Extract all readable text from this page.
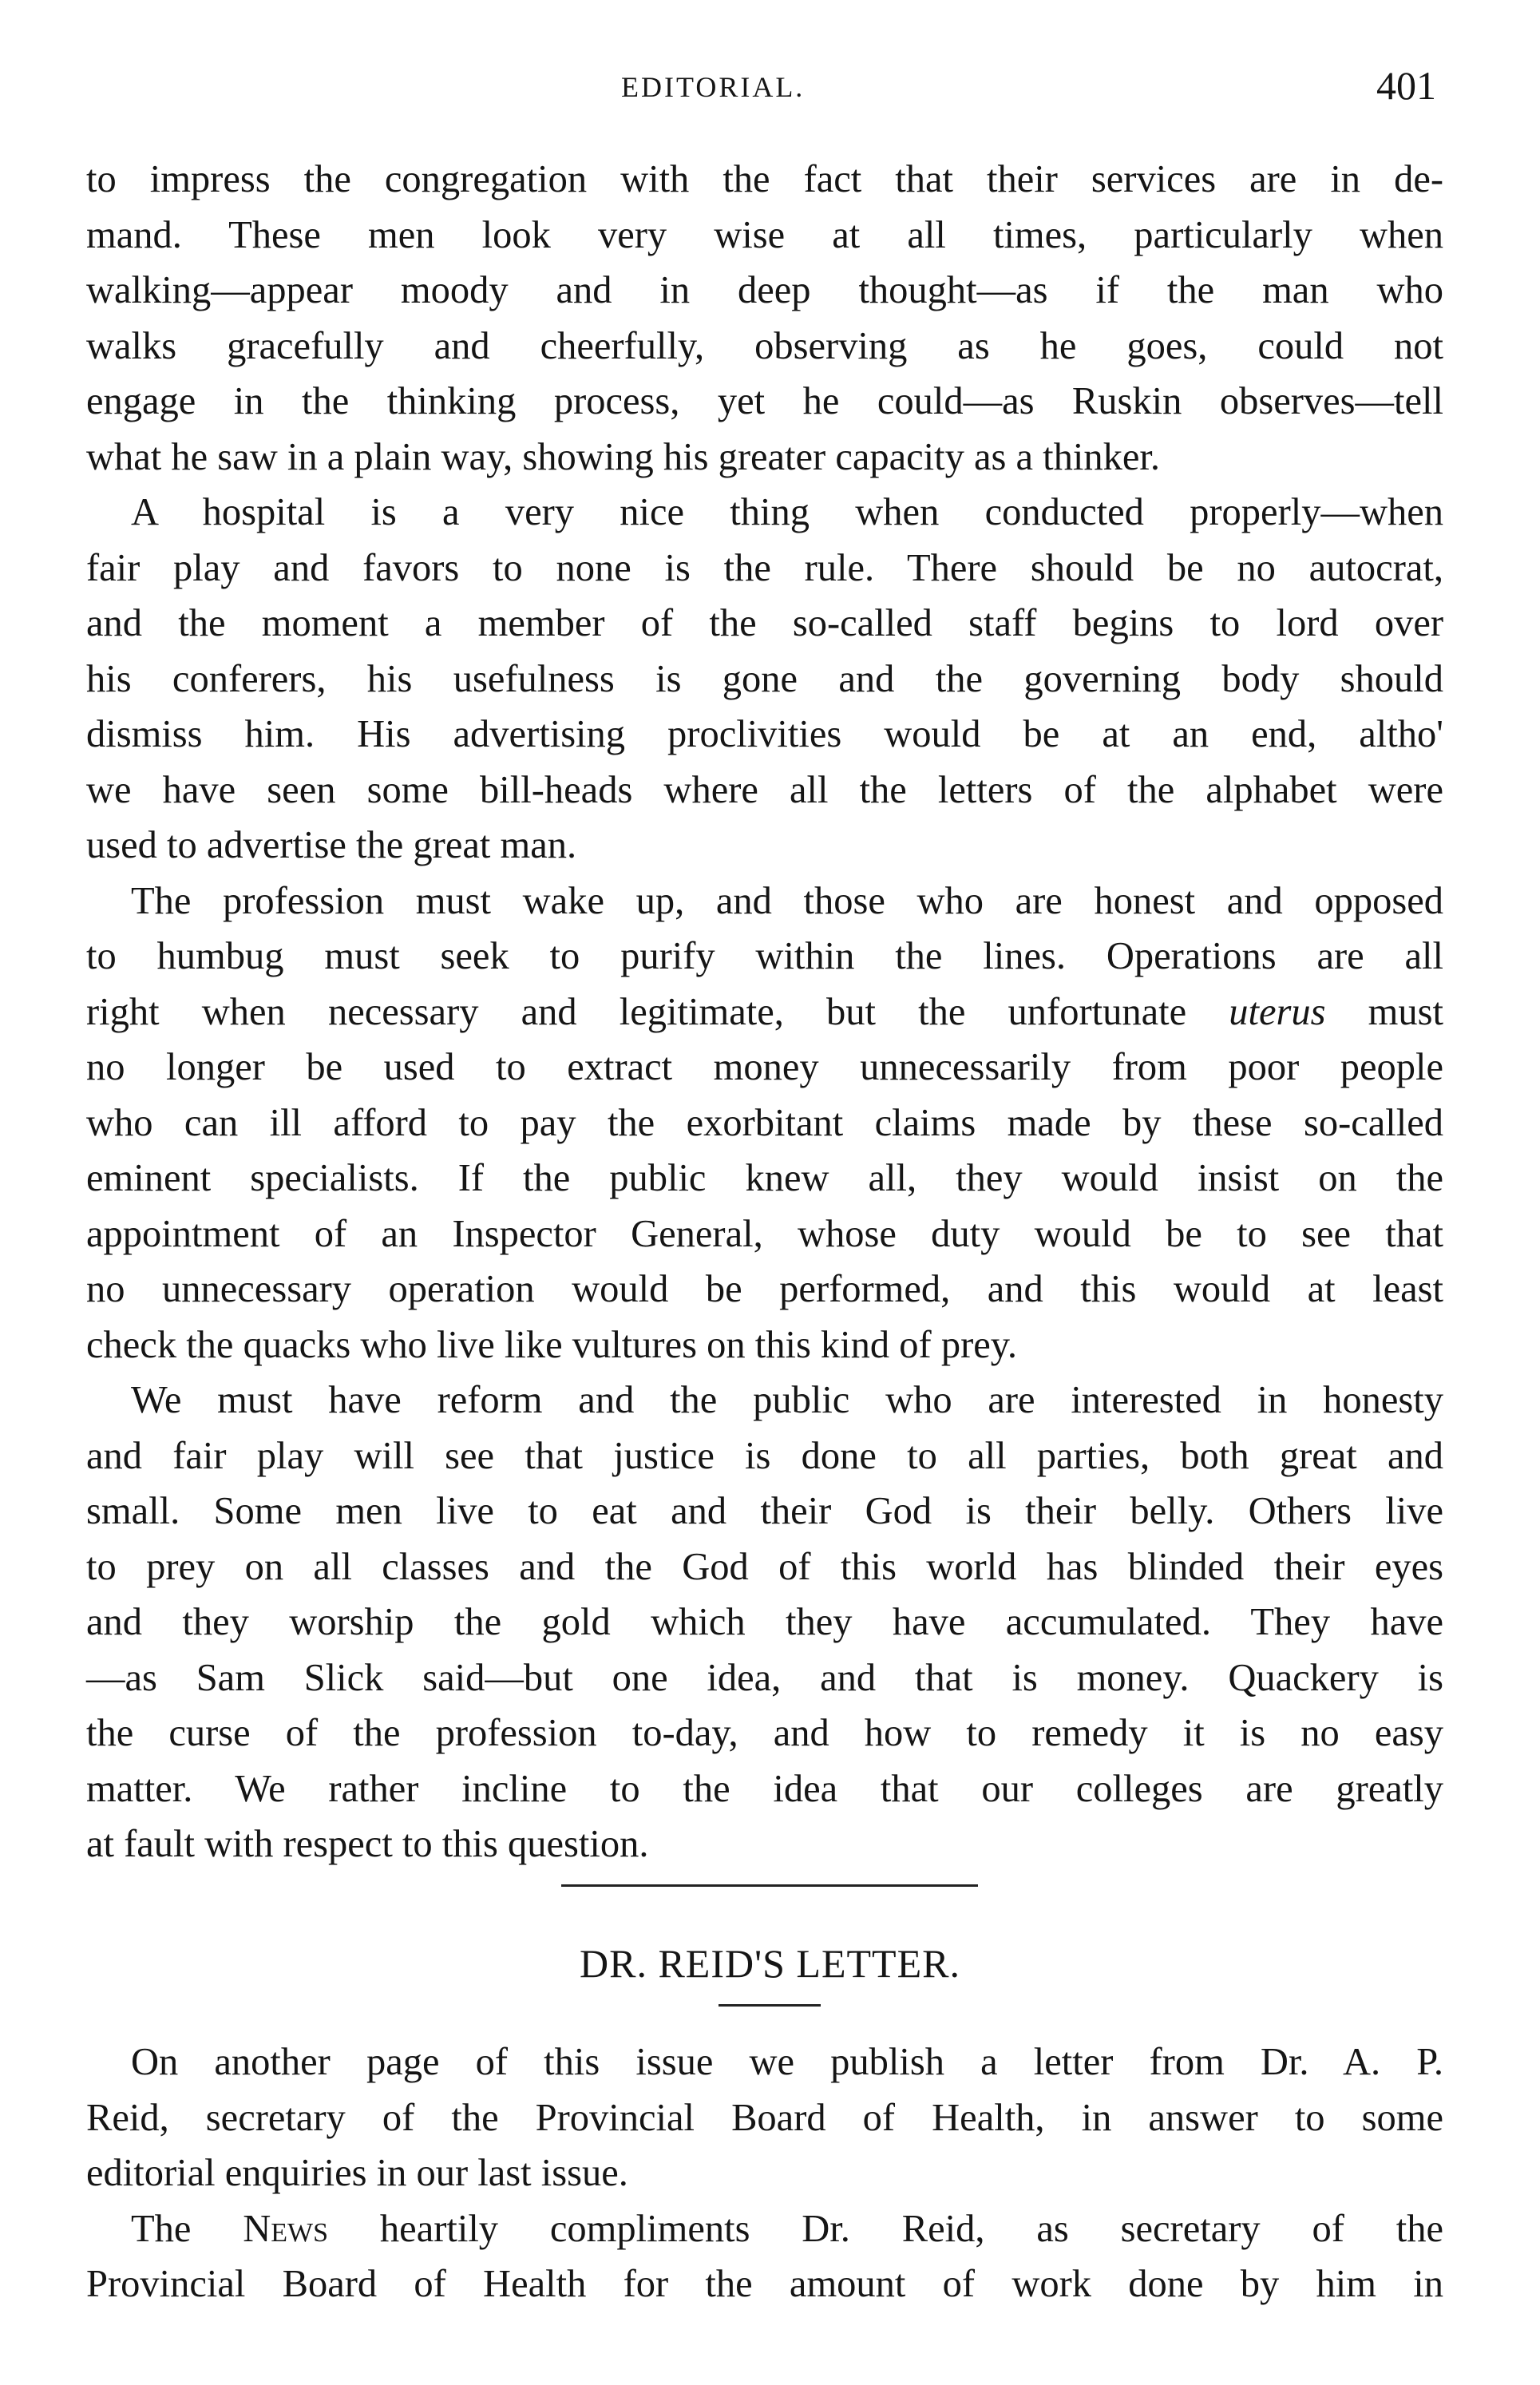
EDITORIAL.	401
to impress the congregation with the fact that their services are in de-
mand. These men look very wise at all times, particularly when
walking—appear moody and in deep thought—as if the man who
walks gracefully and cheerfully, observing as he goes, could not
engage in the thinking process, yet he could—as Ruskin observes—tell
what he saw in a plain way, showing his greater capacity as a thinker.
A hospital is a very nice thing when conducted properly—when
fair play and favors to none is the rule. There should be no autocrat,
and the moment a member of the so-called staff begins to lord over
his conferers, his usefulness is gone and the governing body should
dismiss him. His advertising proclivities would be at an end, altho'
we have seen some bill-heads where all the letters of the alphabet were
used to advertise the great man.
The profession must wake up, and those who are honest and opposed
to humbug must seek to purify within the lines. Operations are all
right when necessary and legitimate, but the unfortunate uterus must
no longer be used to extract money unnecessarily from poor people
who can ill afford to pay the exorbitant claims made by these so-called
eminent specialists. If the public knew all, they would insist on the
appointment of an Inspector General, whose duty would be to see that
no unnecessary operation would be performed, and this would at least
check the quacks who live like vultures on this kind of prey.
We must have reform and the public who are interested in honesty
and fair play will see that justice is done to all parties, both great and
small. Some men live to eat and their God is their belly. Others live
to prey on all classes and the God of this world has blinded their eyes
and they worship the gold which they have accumulated. They have
—as Sam Slick said—but one idea, and that is money. Quackery is
the curse of the profession to-day, and how to remedy it is no easy
matter. We rather incline to the idea that our colleges are greatly
at fault with respect to this question.
DR. REID'S LETTER.
On another page of this issue we publish a letter from Dr. A. P.
Reid, secretary of the Provincial Board of Health, in answer to some
editorial enquiries in our last issue.
The News heartily compliments Dr. Reid, as secretary of the
Provincial Board of Health for the amount of work done by him in
